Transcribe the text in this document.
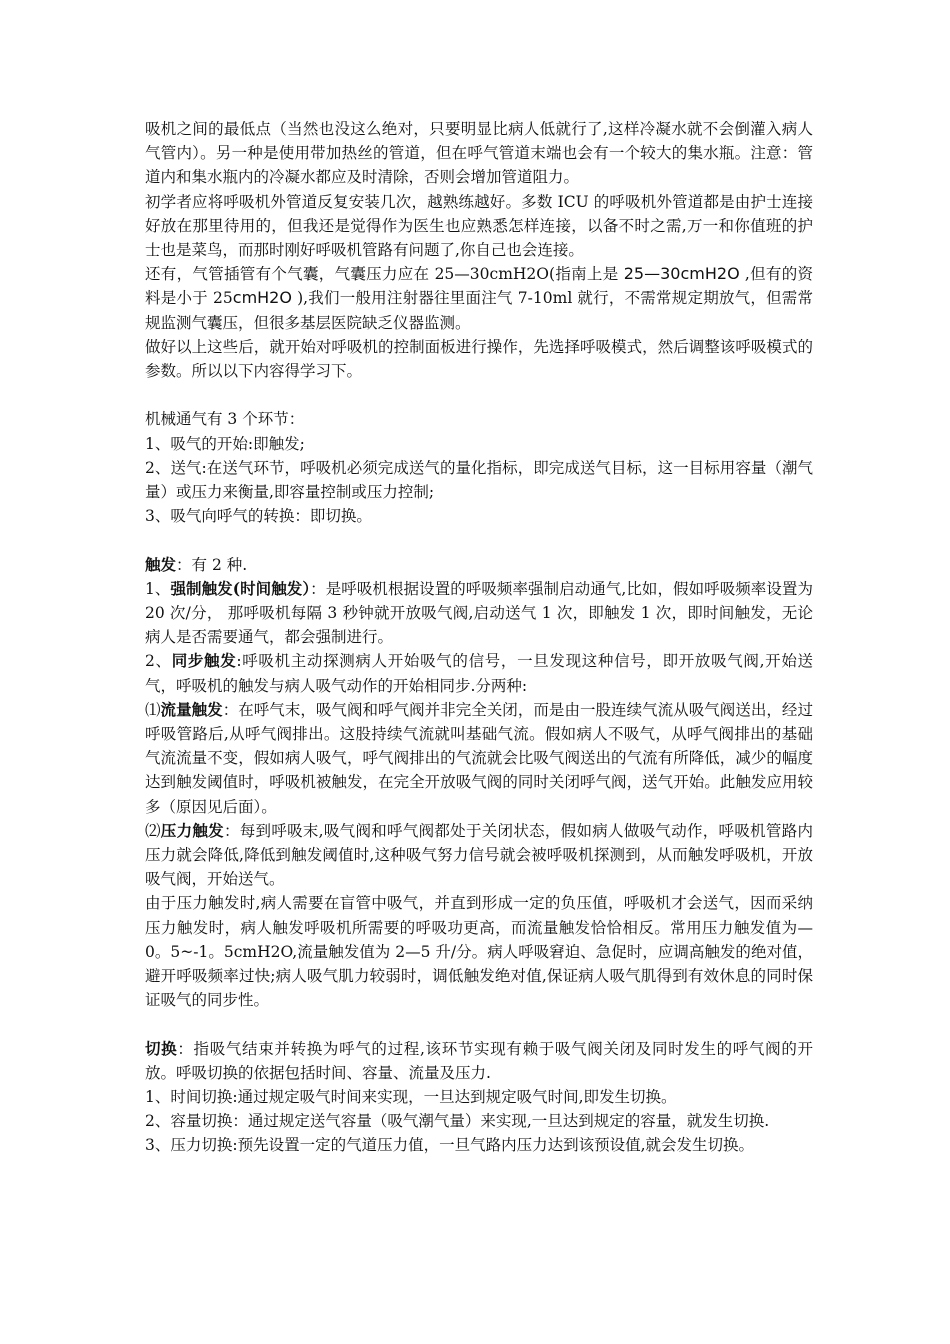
吸机之间的最低点（当然也没这么绝对，只要明显比病人低就行了,这样冷凝水就不会倒灌入病人气管内）。另一种是使用带加热丝的管道，但在呼气管道末端也会有一个较大的集水瓶。注意：管道内和集水瓶内的冷凝水都应及时清除，否则会增加管道阻力。

初学者应将呼吸机外管道反复安装几次，越熟练越好。多数 ICU 的呼吸机外管道都是由护士连接好放在那里待用的，但我还是觉得作为医生也应熟悉怎样连接，以备不时之需,万一和你值班的护士也是菜鸟，而那时刚好呼吸机管路有问题了,你自己也会连接。

还有，气管插管有个气囊，气囊压力应在 25—30cmH2O(指南上是 25—30cmH2O ,但有的资料是小于 25cmH2O ),我们一般用注射器往里面注气 7-10ml 就行，不需常规定期放气，但需常规监测气囊压，但很多基层医院缺乏仪器监测。

做好以上这些后，就开始对呼吸机的控制面板进行操作，先选择呼吸模式，然后调整该呼吸模式的参数。所以以下内容得学习下。

机械通气有 3 个环节：

1、吸气的开始:即触发;

2、送气:在送气环节，呼吸机必须完成送气的量化指标，即完成送气目标，这一目标用容量（潮气量）或压力来衡量,即容量控制或压力控制;

3、吸气向呼气的转换：即切换。

触发：有 2 种.

1、强制触发(时间触发）：是呼吸机根据设置的呼吸频率强制启动通气,比如，假如呼吸频率设置为 20 次/分， 那呼吸机每隔 3 秒钟就开放吸气阀,启动送气 1 次，即触发 1 次，即时间触发，无论病人是否需要通气，都会强制进行。

2、同步触发:呼吸机主动探测病人开始吸气的信号，一旦发现这种信号，即开放吸气阀,开始送气，呼吸机的触发与病人吸气动作的开始相同步.分两种:

⑴流量触发：在呼气末，吸气阀和呼气阀并非完全关闭，而是由一股连续气流从吸气阀送出，经过呼吸管路后,从呼气阀排出。这股持续气流就叫基础气流。假如病人不吸气，从呼气阀排出的基础气流流量不变，假如病人吸气，呼气阀排出的气流就会比吸气阀送出的气流有所降低，减少的幅度达到触发阈值时，呼吸机被触发，在完全开放吸气阀的同时关闭呼气阀，送气开始。此触发应用较多（原因见后面）。

⑵压力触发：每到呼吸末,吸气阀和呼气阀都处于关闭状态，假如病人做吸气动作，呼吸机管路内压力就会降低,降低到触发阈值时,这种吸气努力信号就会被呼吸机探测到，从而触发呼吸机，开放吸气阀，开始送气。

由于压力触发时,病人需要在盲管中吸气，并直到形成一定的负压值，呼吸机才会送气，因而采纳压力触发时，病人触发呼吸机所需要的呼吸功更高，而流量触发恰恰相反。常用压力触发值为—0。5~-1。5cmH2O,流量触发值为 2—5 升/分。病人呼吸窘迫、急促时，应调高触发的绝对值，避开呼吸频率过快;病人吸气肌力较弱时，调低触发绝对值,保证病人吸气肌得到有效休息的同时保证吸气的同步性。

切换：指吸气结束并转换为呼气的过程,该环节实现有赖于吸气阀关闭及同时发生的呼气阀的开放。呼吸切换的依据包括时间、容量、流量及压力.

1、时间切换:通过规定吸气时间来实现，一旦达到规定吸气时间,即发生切换。

2、容量切换：通过规定送气容量（吸气潮气量）来实现,一旦达到规定的容量，就发生切换.

3、压力切换:预先设置一定的气道压力值，一旦气路内压力达到该预设值,就会发生切换。
